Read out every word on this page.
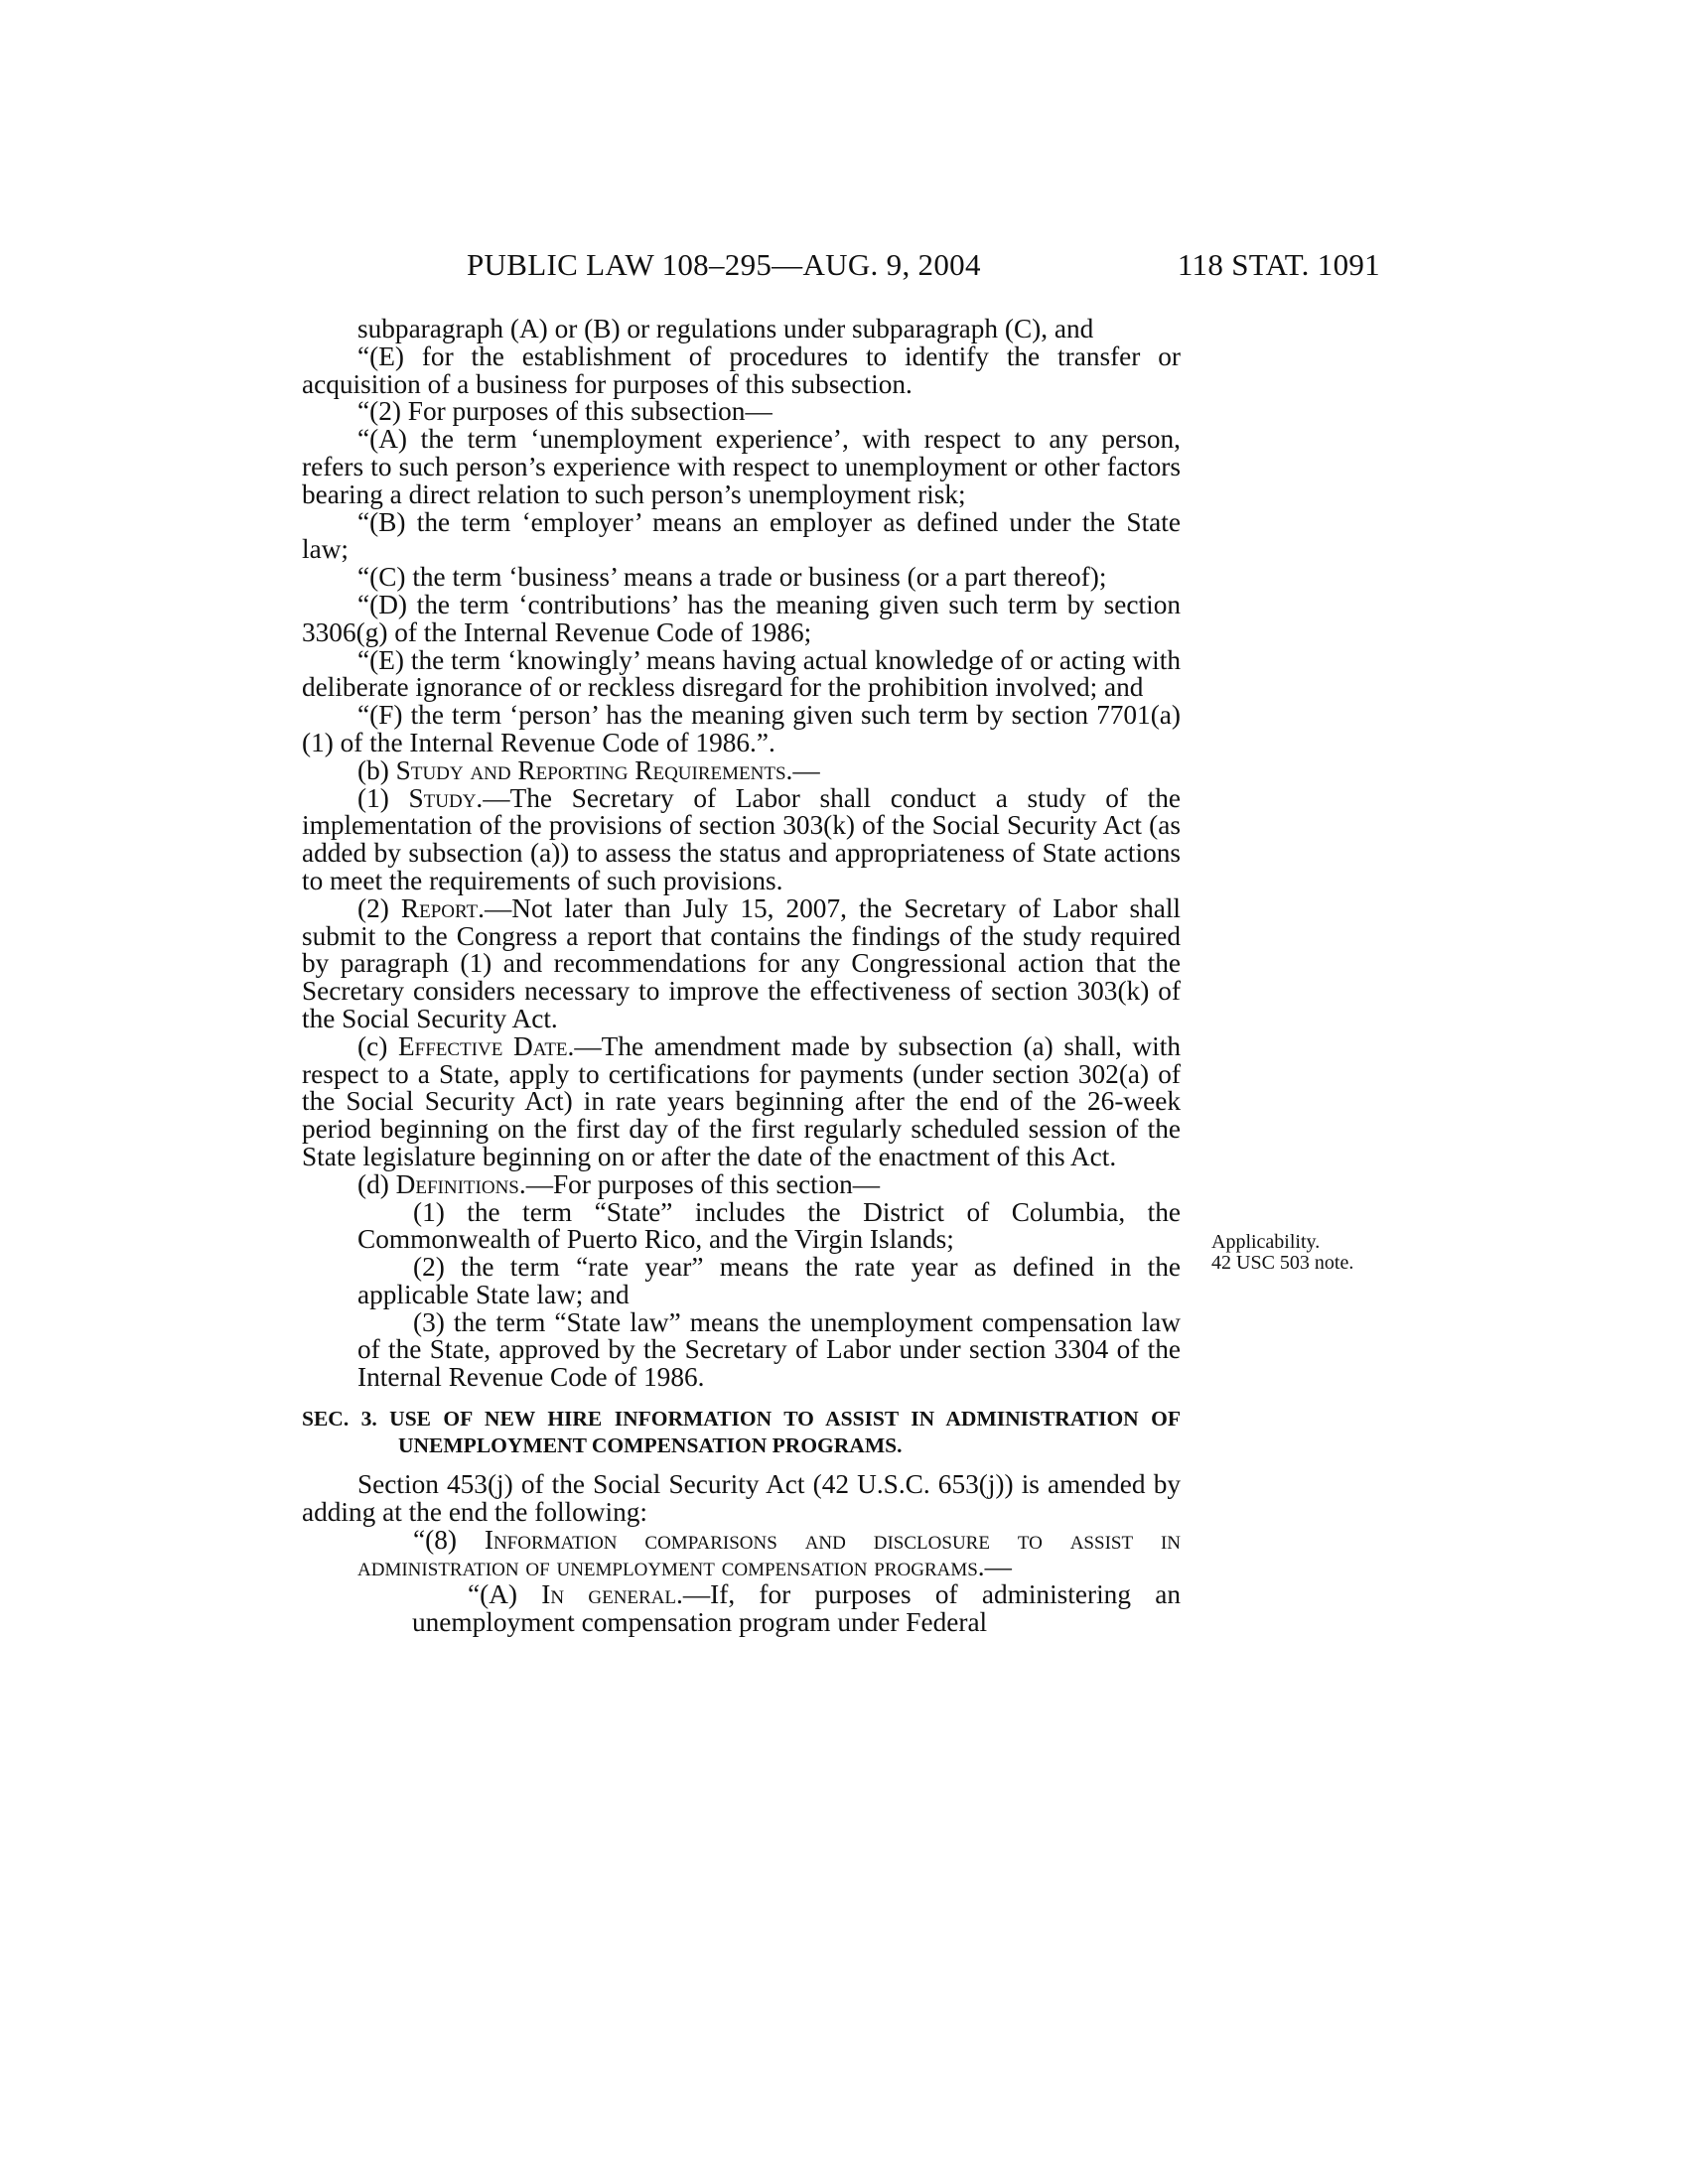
PUBLIC LAW 108–295—AUG. 9, 2004	118 STAT. 1091

subparagraph (A) or (B) or regulations under subparagraph (C), and

“(E) for the establishment of procedures to identify the transfer or acquisition of a business for purposes of this subsection.

“(2) For purposes of this subsection—

“(A) the term ‘unemployment experience’, with respect to any person, refers to such person’s experience with respect to unemployment or other factors bearing a direct relation to such person’s unemployment risk;

“(B) the term ‘employer’ means an employer as defined under the State law;

“(C) the term ‘business’ means a trade or business (or a part thereof);

“(D) the term ‘contributions’ has the meaning given such term by section 3306(g) of the Internal Revenue Code of 1986;

“(E) the term ‘knowingly’ means having actual knowledge of or acting with deliberate ignorance of or reckless disregard for the prohibition involved; and

“(F) the term ‘person’ has the meaning given such term by section 7701(a)(1) of the Internal Revenue Code of 1986.”.

(b) Study and Reporting Requirements.—

(1) Study.—The Secretary of Labor shall conduct a study of the implementation of the provisions of section 303(k) of the Social Security Act (as added by subsection (a)) to assess the status and appropriateness of State actions to meet the requirements of such provisions.

(2) Report.—Not later than July 15, 2007, the Secretary of Labor shall submit to the Congress a report that contains the findings of the study required by paragraph (1) and recommendations for any Congressional action that the Secretary considers necessary to improve the effectiveness of section 303(k) of the Social Security Act.

(c) Effective Date.—The amendment made by subsection (a) shall, with respect to a State, apply to certifications for payments (under section 302(a) of the Social Security Act) in rate years beginning after the end of the 26-week period beginning on the first day of the first regularly scheduled session of the State legislature beginning on or after the date of the enactment of this Act.

(d) Definitions.—For purposes of this section—

(1) the term “State” includes the District of Columbia, the Commonwealth of Puerto Rico, and the Virgin Islands;

(2) the term “rate year” means the rate year as defined in the applicable State law; and

(3) the term “State law” means the unemployment compensation law of the State, approved by the Secretary of Labor under section 3304 of the Internal Revenue Code of 1986.

SEC. 3. USE OF NEW HIRE INFORMATION TO ASSIST IN ADMINISTRATION OF UNEMPLOYMENT COMPENSATION PROGRAMS.

Section 453(j) of the Social Security Act (42 U.S.C. 653(j)) is amended by adding at the end the following:

“(8) Information comparisons and disclosure to assist in administration of unemployment compensation programs.—

“(A) In general.—If, for purposes of administering an unemployment compensation program under Federal

Applicability.
42 USC 503 note.
